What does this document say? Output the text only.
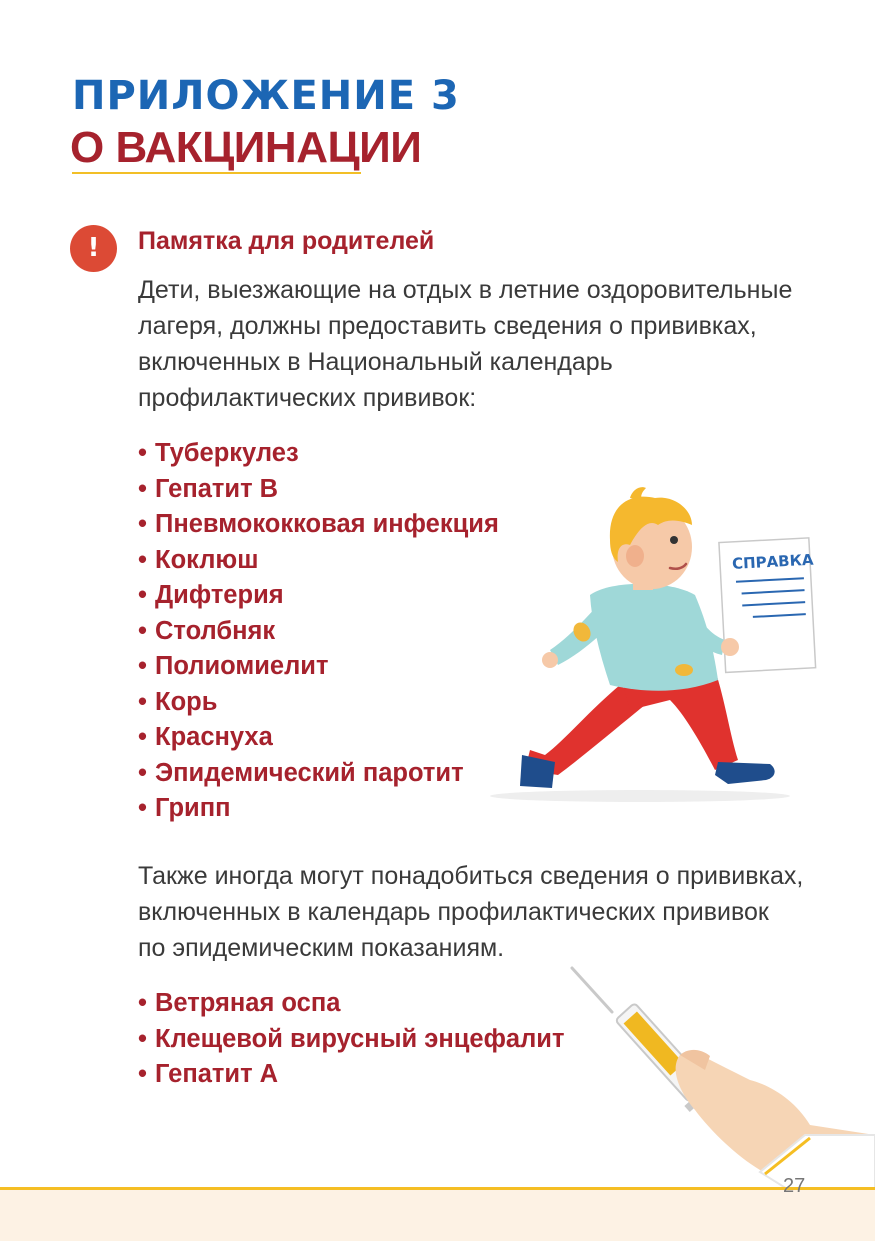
ПРИЛОЖЕНИЕ 3
О ВАКЦИНАЦИИ
!	Памятка для родителей

Дети, выезжающие на отдых в летние оздоровительные
лагеря, должны предоставить сведения о прививках,
включенных в Национальный календарь
профилактических прививок:

• Туберкулез
• Гепатит В
• Пневмококковая инфекция
• Коклюш
• Дифтерия
• Столбняк
• Полиомиелит
• Корь
• Краснуха
• Эпидемический паротит
• Грипп

Также иногда могут понадобиться сведения о прививках,
включенных в календарь профилактических прививок
по эпидемическим показаниям.

• Ветряная оспа
• Клещевой вирусный энцефалит
• Гепатит А
СПРАВКА
27
